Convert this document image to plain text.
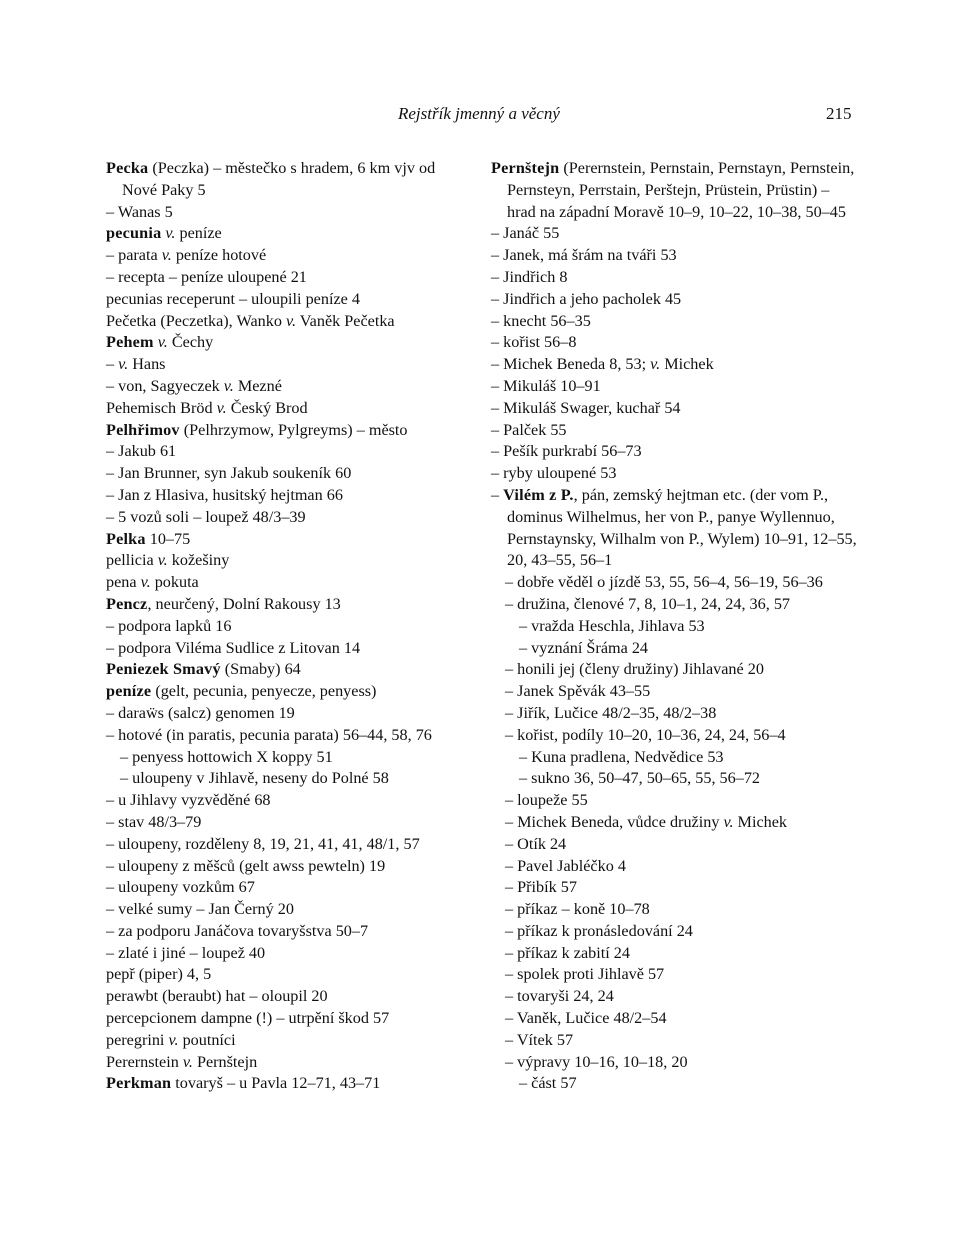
Rejstřík jmenný a věcný	215
Pecka (Peczka) – městečko s hradem, 6 km vjv od Nové Paky 5
– Wanas 5
pecunia v. peníze
– parata v. peníze hotové
– recepta – peníze uloupené 21
pecunias receperunt – uloupili peníze 4
Pečetka (Peczetka), Wanko v. Vaněk Pečetka
Pehem v. Čechy
– v. Hans
– von, Sagyeczek v. Mezné
Pehemisch Bröd v. Český Brod
Pelhřimov (Pelhrzymow, Pylgreyms) – město
– Jakub 61
– Jan Brunner, syn Jakub soukeník 60
– Jan z Hlasiva, husitský hejtman 66
– 5 vozů soli – loupež 48/3–39
Pelka 10–75
pellicia v. kožešiny
pena v. pokuta
Pencz, neurčený, Dolní Rakousy 13
– podpora lapků 16
– podpora Viléma Sudlice z Litovan 14
Peniezek Smavý (Smaby) 64
peníze (gelt, pecunia, penyecze, penyess)
– daraẅs (salcz) genomen 19
– hotové (in paratis, pecunia parata) 56–44, 58, 76
– penyess hottowich X koppy 51
– uloupeny v Jihlavě, neseny do Polné 58
– u Jihlavy vyzvěděné 68
– stav 48/3–79
– uloupeny, rozděleny 8, 19, 21, 41, 41, 48/1, 57
– uloupeny z měšců (gelt awss pewteln) 19
– uloupeny vozkům 67
– velké sumy – Jan Černý 20
– za podporu Janáčova tovaryšstva 50–7
– zlaté i jiné – loupež 40
pepř (piper) 4, 5
perawbt (beraubt) hat – oloupil 20
percepcionem dampne (!) – utrpění škod 57
peregrini v. poutníci
Perernstein v. Pernštejn
Perkman tovaryš – u Pavla 12–71, 43–71
Pernštejn (Perernstein, Pernstain, Pernstayn, Pernstein, Pernsteyn, Perrstain, Perštejn, Prüstein, Prüstin) – hrad na západní Moravě 10–9, 10–22, 10–38, 50–45
– Janáč 55
– Janek, má šrám na tváři 53
– Jindřich 8
– Jindřich a jeho pacholek 45
– knecht 56–35
– kořist 56–8
– Michek Beneda 8, 53; v. Michek
– Mikuláš 10–91
– Mikuláš Swager, kuchař 54
– Palček 55
– Pešík purkrabí 56–73
– ryby uloupené 53
– Vilém z P., pán, zemský hejtman etc. (der vom P., dominus Wilhelmus, her von P., panye Wyllennuo, Pernstaynsky, Wilhalm von P., Wylem) 10–91, 12–55, 20, 43–55, 56–1
– dobře věděl o jízdě 53, 55, 56–4, 56–19, 56–36
– družina, členové 7, 8, 10–1, 24, 24, 36, 57
– vražda Heschla, Jihlava 53
– vyznání Šráma 24
– honili jej (členy družiny) Jihlavané 20
– Janek Spěvák 43–55
– Jiřík, Lučice 48/2–35, 48/2–38
– kořist, podíly 10–20, 10–36, 24, 24, 56–4
– Kuna pradlena, Nedvědice 53
– sukno 36, 50–47, 50–65, 55, 56–72
– loupeže 55
– Michek Beneda, vůdce družiny v. Michek
– Otík 24
– Pavel Jabléčko 4
– Přibík 57
– příkaz – koně 10–78
– příkaz k pronásledování 24
– příkaz k zabití 24
– spolek proti Jihlavě 57
– tovaryši 24, 24
– Vaněk, Lučice 48/2–54
– Vítek 57
– výpravy 10–16, 10–18, 20
– část 57
